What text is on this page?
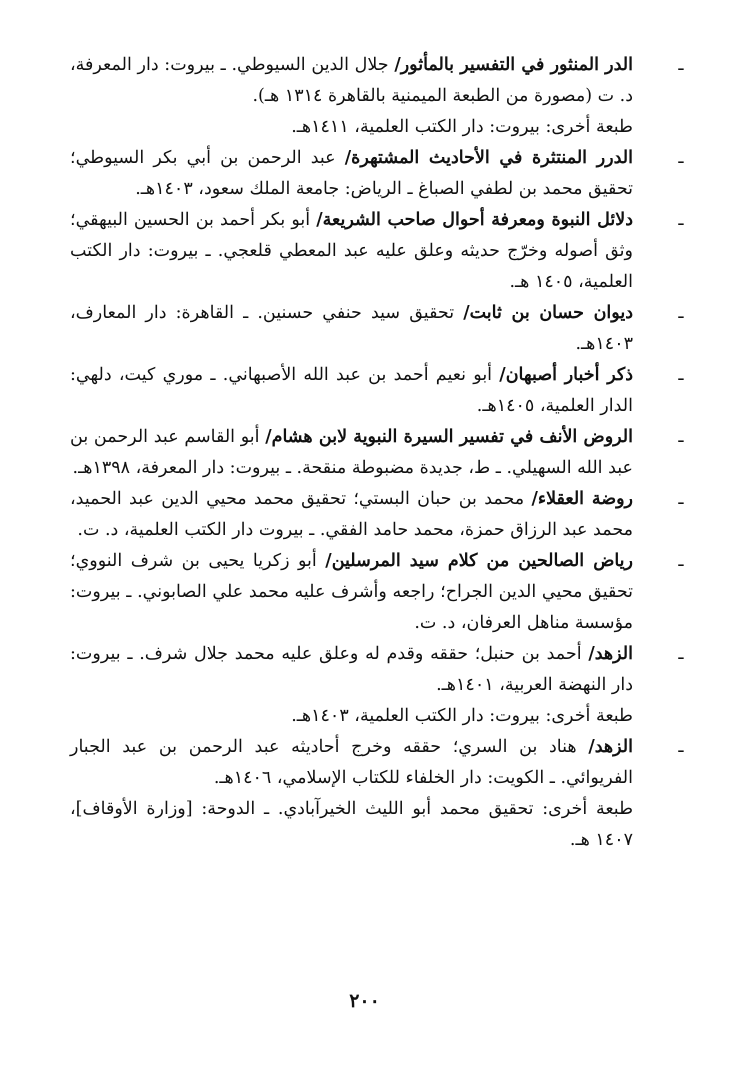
ـ
الدر المنثور في التفسير بالمأثور/ جلال الدين السيوطي. ـ بيروت: دار المعرفة، د. ت (مصورة من الطبعة الميمنية بالقاهرة ١٣١٤ هـ).
طبعة أخرى: بيروت: دار الكتب العلمية، ١٤١١هـ.
ـ
الدرر المنتثرة في الأحاديث المشتهرة/ عبد الرحمن بن أبي بكر السيوطي؛ تحقيق محمد بن لطفي الصباغ ـ الرياض: جامعة الملك سعود، ١٤٠٣هـ.
ـ
دلائل النبوة ومعرفة أحوال صاحب الشريعة/ أبو بكر أحمد بن الحسين البيهقي؛ وثق أصوله وخرّج حديثه وعلق عليه عبد المعطي قلعجي. ـ بيروت: دار الكتب العلمية، ١٤٠٥ هـ.
ـ
ديوان حسان بن ثابت/ تحقيق سيد حنفي حسنين. ـ القاهرة: دار المعارف، ١٤٠٣هـ.
ـ
ذكر أخبار أصبهان/ أبو نعيم أحمد بن عبد الله الأصبهاني. ـ موري كيت، دلهي: الدار العلمية، ١٤٠٥هـ.
ـ
الروض الأنف في تفسير السيرة النبوية لابن هشام/ أبو القاسم عبد الرحمن بن عبد الله السهيلي. ـ ط، جديدة مضبوطة منقحة. ـ بيروت: دار المعرفة، ١٣٩٨هـ.
ـ
روضة العقلاء/ محمد بن حبان البستي؛ تحقيق محمد محيي الدين عبد الحميد، محمد عبد الرزاق حمزة، محمد حامد الفقي. ـ بيروت دار الكتب العلمية، د. ت.
ـ
رياض الصالحين من كلام سيد المرسلين/ أبو زكريا يحيى بن شرف النووي؛ تحقيق محيي الدين الجراح؛ راجعه وأشرف عليه محمد علي الصابوني. ـ بيروت: مؤسسة مناهل العرفان، د. ت.
ـ
الزهد/ أحمد بن حنبل؛ حققه وقدم له وعلق عليه محمد جلال شرف. ـ بيروت: دار النهضة العربية، ١٤٠١هـ.
طبعة أخرى: بيروت: دار الكتب العلمية، ١٤٠٣هـ.
ـ
الزهد/ هناد بن السري؛ حققه وخرج أحاديثه عبد الرحمن بن عبد الجبار الفريوائي. ـ الكويت: دار الخلفاء للكتاب الإسلامي، ١٤٠٦هـ.
طبعة أخرى: تحقيق محمد أبو الليث الخيرآبادي. ـ الدوحة: [وزارة الأوقاف]، ١٤٠٧ هـ.
٢٠٠
